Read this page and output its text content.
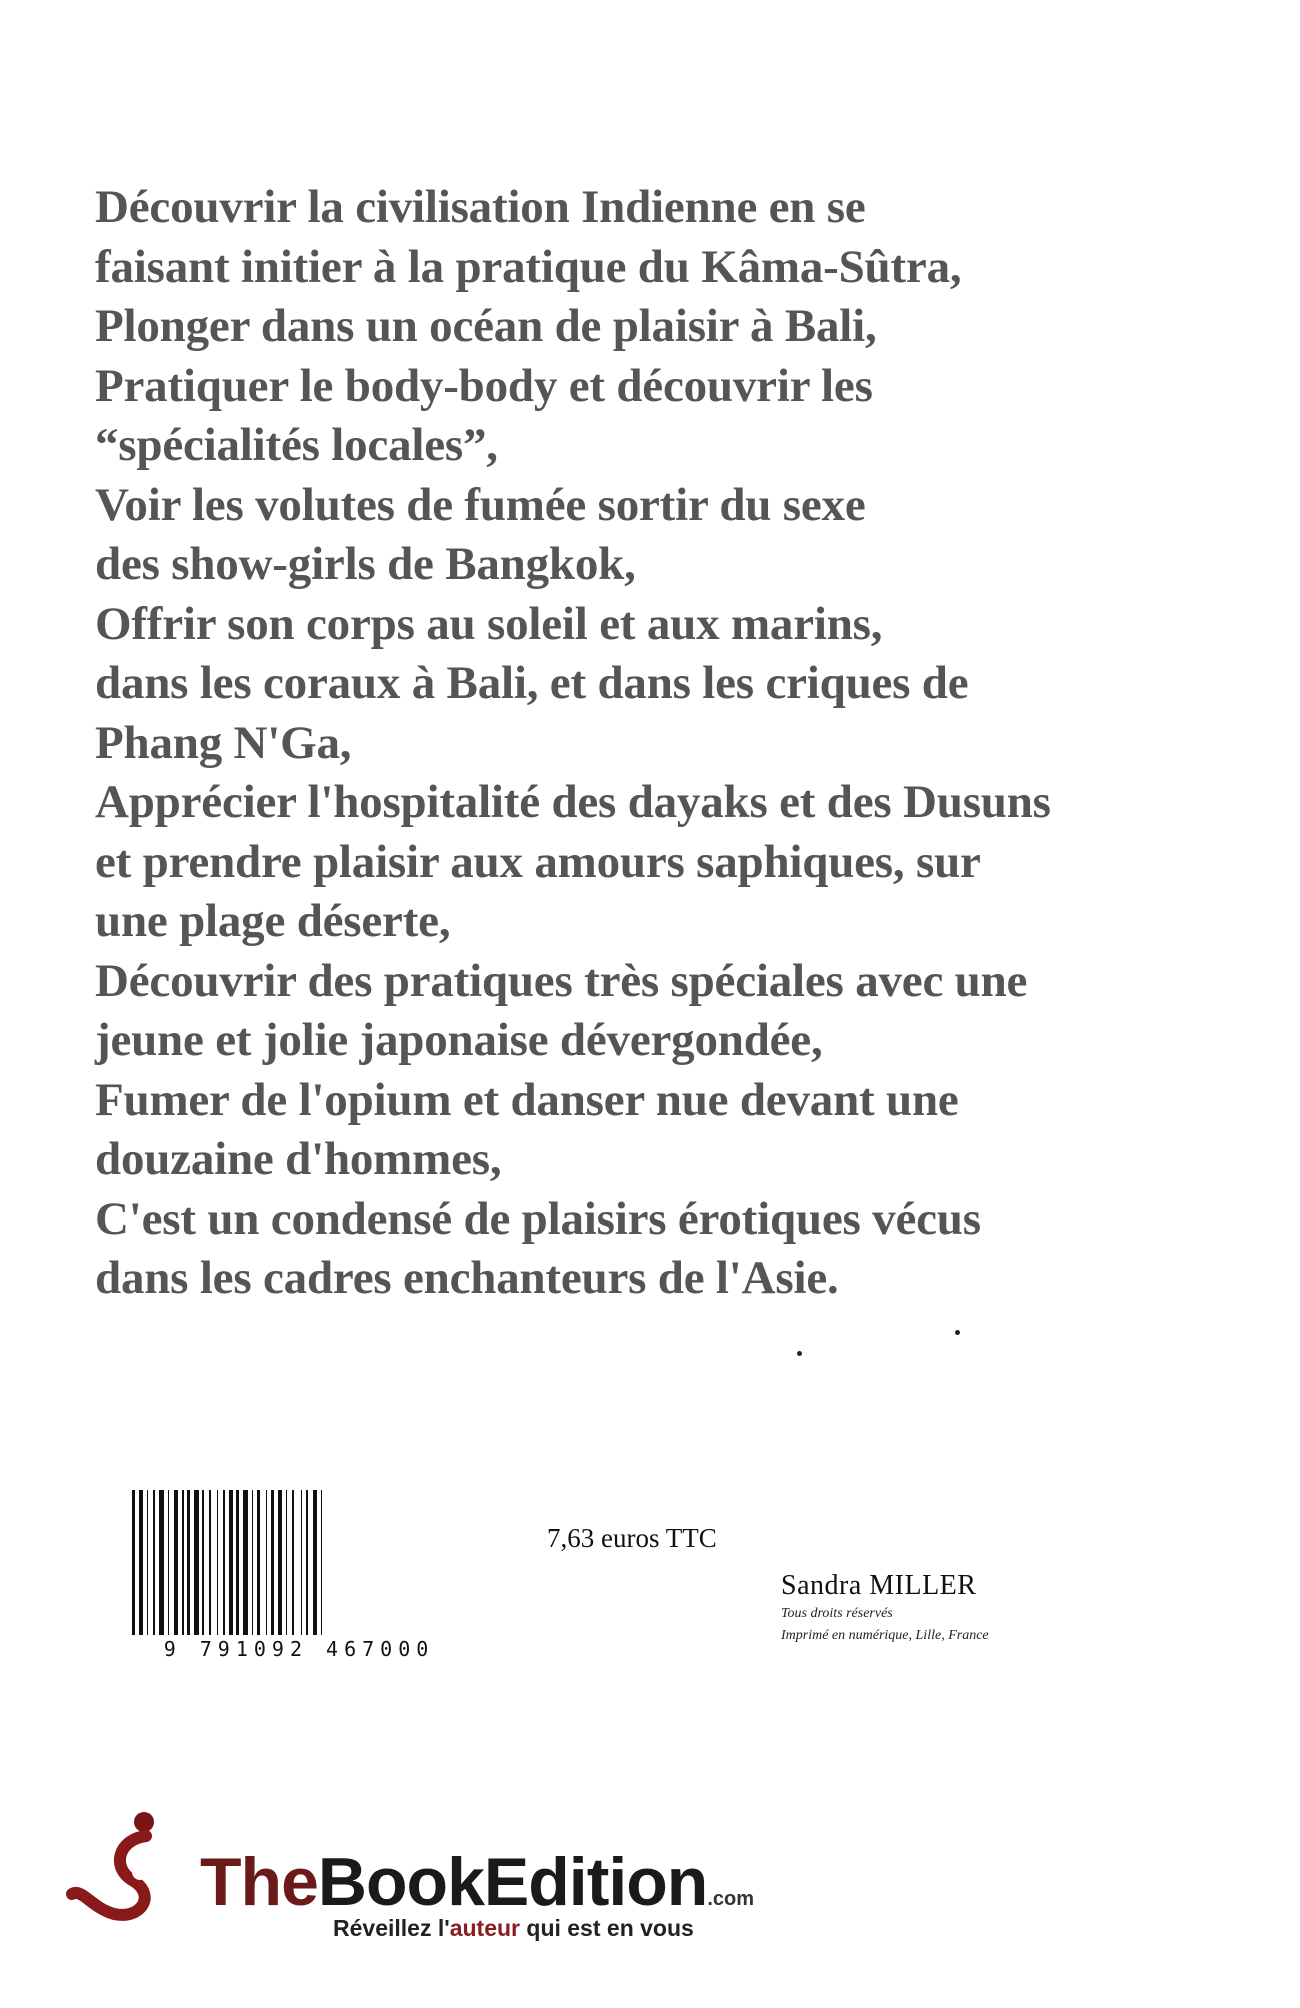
Découvrir la civilisation Indienne en se
faisant initier à la pratique du Kâma-Sûtra,
Plonger dans un océan de plaisir à Bali,
Pratiquer le body-body et découvrir les
“spécialités locales”,
Voir les volutes de fumée sortir du sexe
des show-girls de Bangkok,
Offrir son corps au soleil et aux marins,
dans les coraux à Bali, et dans les criques de
Phang N'Ga,
Apprécier l'hospitalité des dayaks et des Dusuns
et prendre plaisir aux amours saphiques, sur
une plage déserte,
Découvrir des pratiques très spéciales avec une
jeune et jolie japonaise dévergondée,
Fumer de l'opium et danser nue devant une
douzaine d'hommes,
C'est un condensé de plaisirs érotiques vécus
dans les cadres enchanteurs de l'Asie.
9 791092 467000
7,63 euros TTC
Sandra MILLER
Tous droits réservés
Imprimé en numérique, Lille, France
TheBookEdition.com
Réveillez l'auteur qui est en vous
